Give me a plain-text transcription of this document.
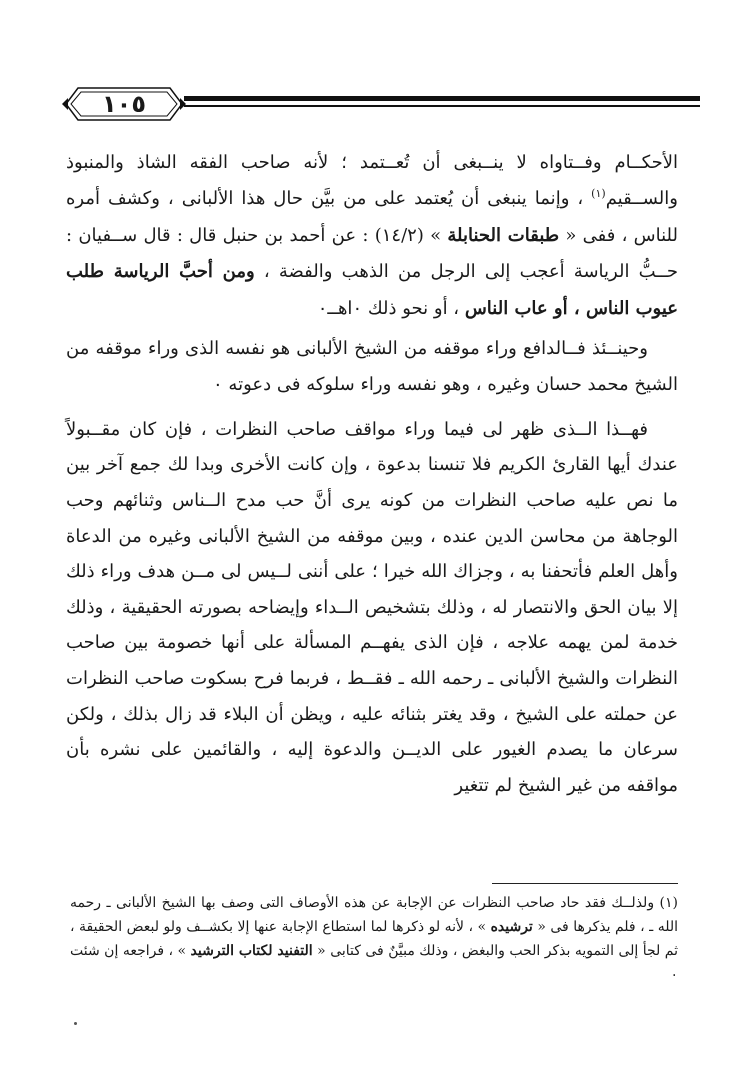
١٠٥

الأحكــام وفــتاواه لا ينــبغى أن تُعــتمد ؛ لأنه صاحب الفقه الشاذ والمنبوذ والســقيم$^{(١)}$ ، وإنما ينبغى أن يُعتمد على من بيَّن حال هذا الألبانى ، وكشف أمره للناس ، ففى « طبقات الحنابلة » (١٤/٢) : عن أحمد بن حنبل قال : قال ســفيان : حــبُّ الرياسة أعجب إلى الرجل من الذهب والفضة ، ومن أحبَّ الرياسة طلب عيوب الناس ، أو عاب الناس ، أو نحو ذلك ٠اهــ٠

وحينــئذ فــالدافع وراء موقفه من الشيخ الألبانى هو نفسه الذى وراء موقفه من الشيخ محمد حسان وغيره ، وهو نفسه وراء سلوكه فى دعوته ٠

فهــذا الــذى ظهر لى فيما وراء مواقف صاحب النظرات ، فإن كان مقــبولاً عندك أيها القارئ الكريم فلا تنسنا بدعوة ، وإن كانت الأخرى وبدا لك جمع آخر بين ما نص عليه صاحب النظرات من كونه يرى أنَّ حب مدح الــناس وثنائهم وحب الوجاهة من محاسن الدين عنده ، وبين موقفه من الشيخ الألبانى وغيره من الدعاة وأهل العلم فأتحفنا به ، وجزاك الله خيرا ؛ على أننى لــيس لى مــن هدف وراء ذلك إلا بيان الحق والانتصار له ، وذلك بتشخيص الــداء وإيضاحه بصورته الحقيقية ، وذلك خدمة لمن يهمه علاجه ، فإن الذى يفهــم المسألة على أنها خصومة بين صاحب النظرات والشيخ الألبانى ـ رحمه الله ـ فقــط ، فربما فرح بسكوت صاحب النظرات عن حملته على الشيخ ، وقد يغتر بثنائه عليه ، ويظن أن البلاء قد زال بذلك ، ولكن سرعان ما يصدم الغيور على الديــن والدعوة إليه ، والقائمين على نشره بأن مواقفه من غير الشيخ لم تتغير

(١) ولذلــك فقد حاد صاحب النظرات عن الإجابة عن هذه الأوصاف التى وصف بها الشيخ الألبانى ـ رحمه الله ـ ، فلم يذكرها فى « ترشيده » ، لأنه لو ذكرها لما استطاع الإجابة عنها إلا بكشــف ولو لبعض الحقيقة ، ثم لجأ إلى التمويه بذكر الحب والبغض ، وذلك مبيَّنٌ فى كتابى « التفنيد لكتاب الترشيد » ، فراجعه إن شئت ٠
